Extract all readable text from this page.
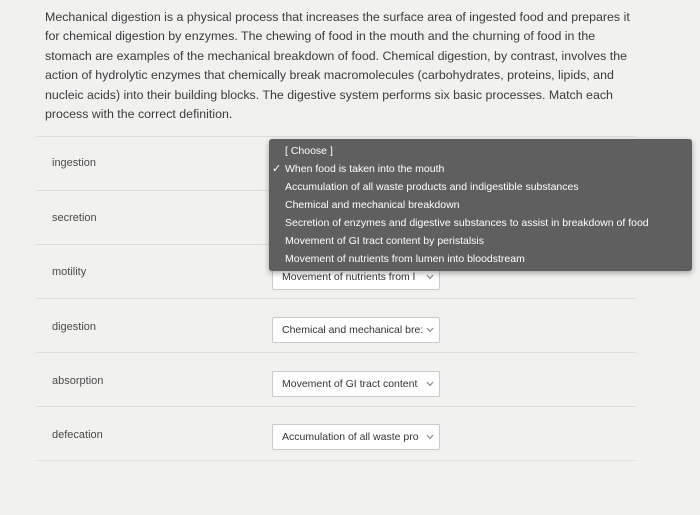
Mechanical digestion is a physical process that increases the surface area of ingested food and prepares it for chemical digestion by enzymes. The chewing of food in the mouth and the churning of food in the stomach are examples of the mechanical breakdown of food. Chemical digestion, by contrast, involves the action of hydrolytic enzymes that chemically break macromolecules (carbohydrates, proteins, lipids, and nucleic acids) into their building blocks. The digestive system performs six basic processes. Match each process with the correct definition.

ingestion
secretion
motility	Movement of nutrients from l
digestion	Chemical and mechanical bre:
absorption	Movement of GI tract content
defecation	Accumulation of all waste pro
[ Choose ]
✓ When food is taken into the mouth
Accumulation of all waste products and indigestible substances
Chemical and mechanical breakdown
Secretion of enzymes and digestive substances to assist in breakdown of food
Movement of GI tract content by peristalsis
Movement of nutrients from lumen into bloodstream
